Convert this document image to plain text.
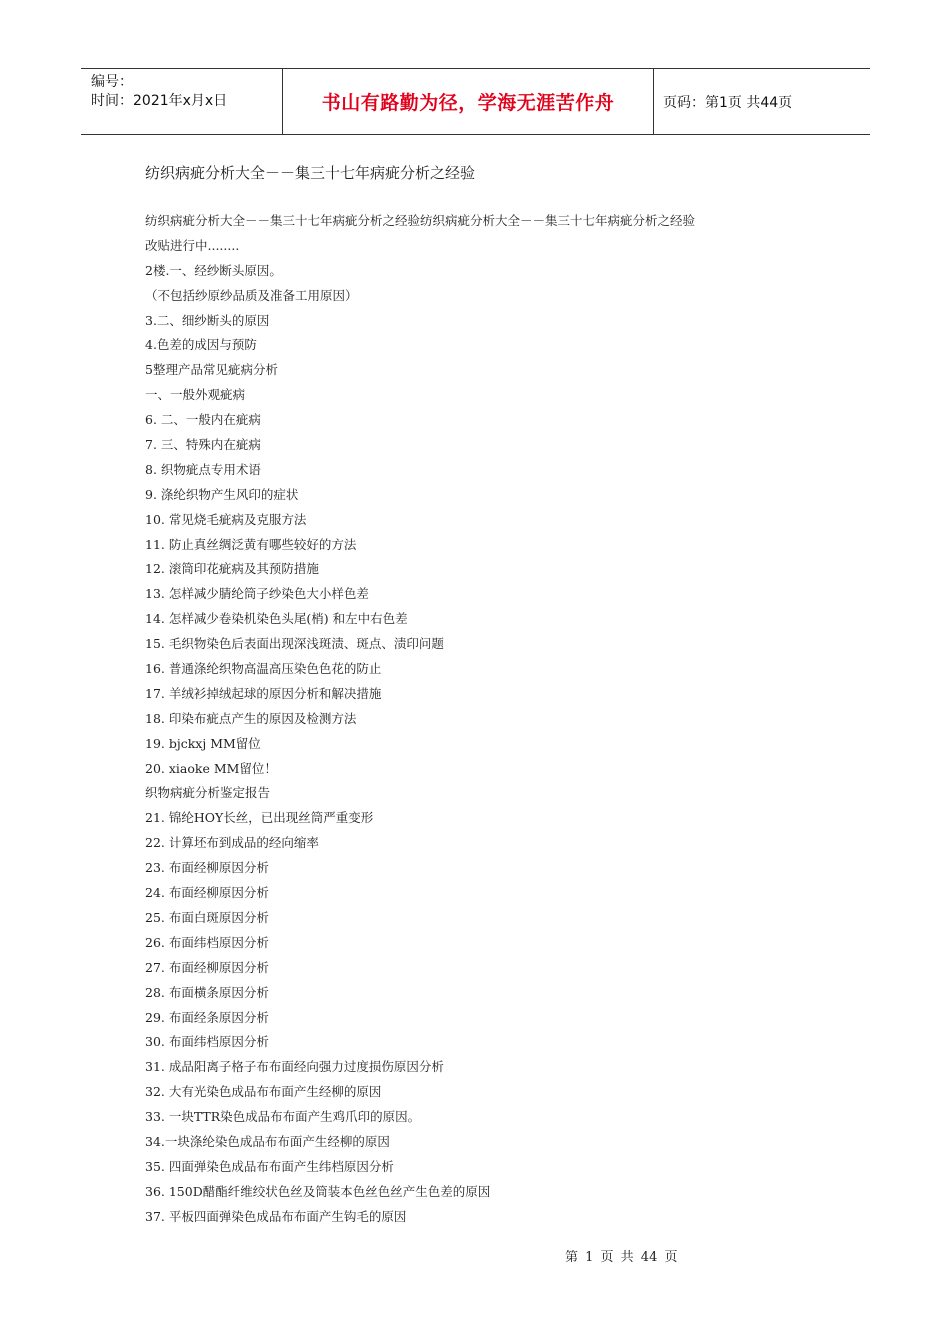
编号：
时间：2021年x月x日	书山有路勤为径，学海无涯苦作舟	页码：第1页 共44页
纺织病疵分析大全－－集三十七年病疵分析之经验
纺织病疵分析大全－－集三十七年病疵分析之经验纺织病疵分析大全－－集三十七年病疵分析之经验
改贴进行中........
2楼.一、经纱断头原因。
（不包括纱原纱品质及准备工用原因）
3.二、细纱断头的原因
4.色差的成因与预防
5整理产品常见疵病分析
一、一般外观疵病
6. 二、一般内在疵病
7. 三、特殊内在疵病
8. 织物疵点专用术语
9. 涤纶织物产生风印的症状
10. 常见烧毛疵病及克服方法
11. 防止真丝绸泛黄有哪些较好的方法
12. 滚筒印花疵病及其预防措施
13. 怎样减少腈纶筒子纱染色大小样色差
14. 怎样减少卷染机染色头尾(梢) 和左中右色差
15. 毛织物染色后表面出现深浅斑渍、斑点、渍印问题
16. 普通涤纶织物高温高压染色色花的防止
17. 羊绒衫掉绒起球的原因分析和解决措施
18. 印染布疵点产生的原因及检测方法
19. bjckxj MM留位
20. xiaoke MM留位！
织物病疵分析鉴定报告
21. 锦纶HOY长丝，已出现丝筒严重变形
22. 计算坯布到成品的经向缩率
23. 布面经柳原因分析
24. 布面经柳原因分析
25. 布面白斑原因分析
26. 布面纬档原因分析
27. 布面经柳原因分析
28. 布面横条原因分析
29. 布面经条原因分析
30. 布面纬档原因分析
31. 成品阳离子格子布布面经向强力过度损伤原因分析
32. 大有光染色成品布布面产生经柳的原因
33. 一块TTR染色成品布布面产生鸡爪印的原因。
34.一块涤纶染色成品布布面产生经柳的原因
35. 四面弹染色成品布布面产生纬档原因分析
36. 150D醋酯纤维绞状色丝及筒装本色丝色丝产生色差的原因
37. 平板四面弹染色成品布布面产生钩毛的原因
第 1 页 共 44 页
